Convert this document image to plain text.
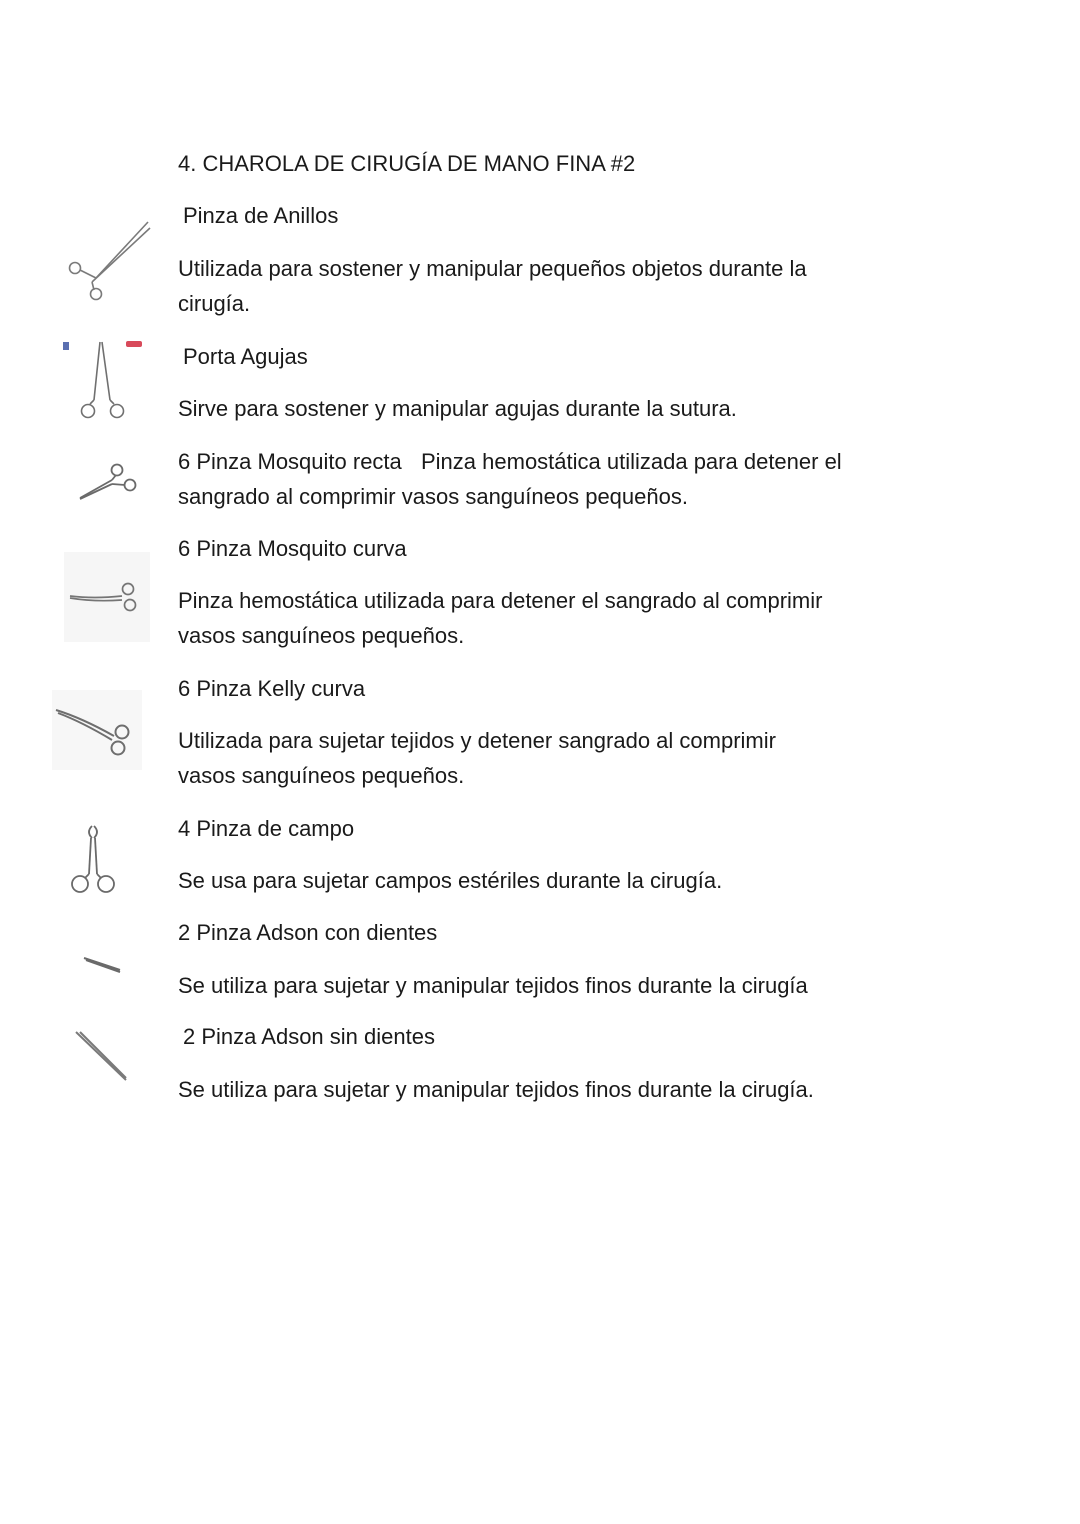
4. CHAROLA DE CIRUGÍA DE MANO FINA #2

Pinza de Anillos

Utilizada para sostener y manipular pequeños objetos durante la

cirugía.

Porta Agujas

Sirve para sostener y manipular agujas durante la sutura.

6 Pinza Mosquito recta Pinza hemostática utilizada para detener el

sangrado al comprimir vasos sanguíneos pequeños.

6 Pinza Mosquito curva

Pinza hemostática utilizada para detener el sangrado al comprimir

vasos sanguíneos pequeños.

6 Pinza Kelly curva

Utilizada para sujetar tejidos y detener sangrado al comprimir

vasos sanguíneos pequeños.

4 Pinza de campo

Se usa para sujetar campos estériles durante la cirugía.

2 Pinza Adson con dientes

Se utiliza para sujetar y manipular tejidos finos durante la cirugía

2 Pinza Adson sin dientes

Se utiliza para sujetar y manipular tejidos finos durante la cirugía.
